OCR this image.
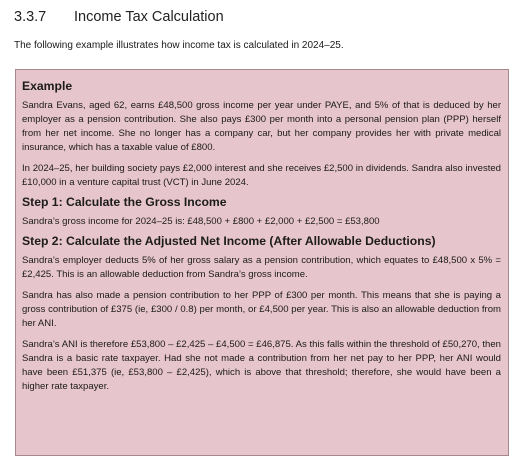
3.3.7 Income Tax Calculation
The following example illustrates how income tax is calculated in 2024–25.
Example

Sandra Evans, aged 62, earns £48,500 gross income per year under PAYE, and 5% of that is deduced by her employer as a pension contribution. She also pays £300 per month into a personal pension plan (PPP) herself from her net income. She no longer has a company car, but her company provides her with private medical insurance, which has a taxable value of £800.

In 2024–25, her building society pays £2,000 interest and she receives £2,500 in dividends. Sandra also invested £10,000 in a venture capital trust (VCT) in June 2024.

Step 1: Calculate the Gross Income

Sandra’s gross income for 2024–25 is: £48,500 + £800 + £2,000 + £2,500 = £53,800

Step 2: Calculate the Adjusted Net Income (After Allowable Deductions)

Sandra’s employer deducts 5% of her gross salary as a pension contribution, which equates to £48,500 x 5% = £2,425. This is an allowable deduction from Sandra’s gross income.

Sandra has also made a pension contribution to her PPP of £300 per month. This means that she is paying a gross contribution of £375 (ie, £300 / 0.8) per month, or £4,500 per year. This is also an allowable deduction from her ANI.

Sandra’s ANI is therefore £53,800 – £2,425 – £4,500 = £46,875. As this falls within the threshold of £50,270, then Sandra is a basic rate taxpayer. Had she not made a contribution from her net pay to her PPP, her ANI would have been £51,375 (ie, £53,800 – £2,425), which is above that threshold; therefore, she would have been a higher rate taxpayer.
